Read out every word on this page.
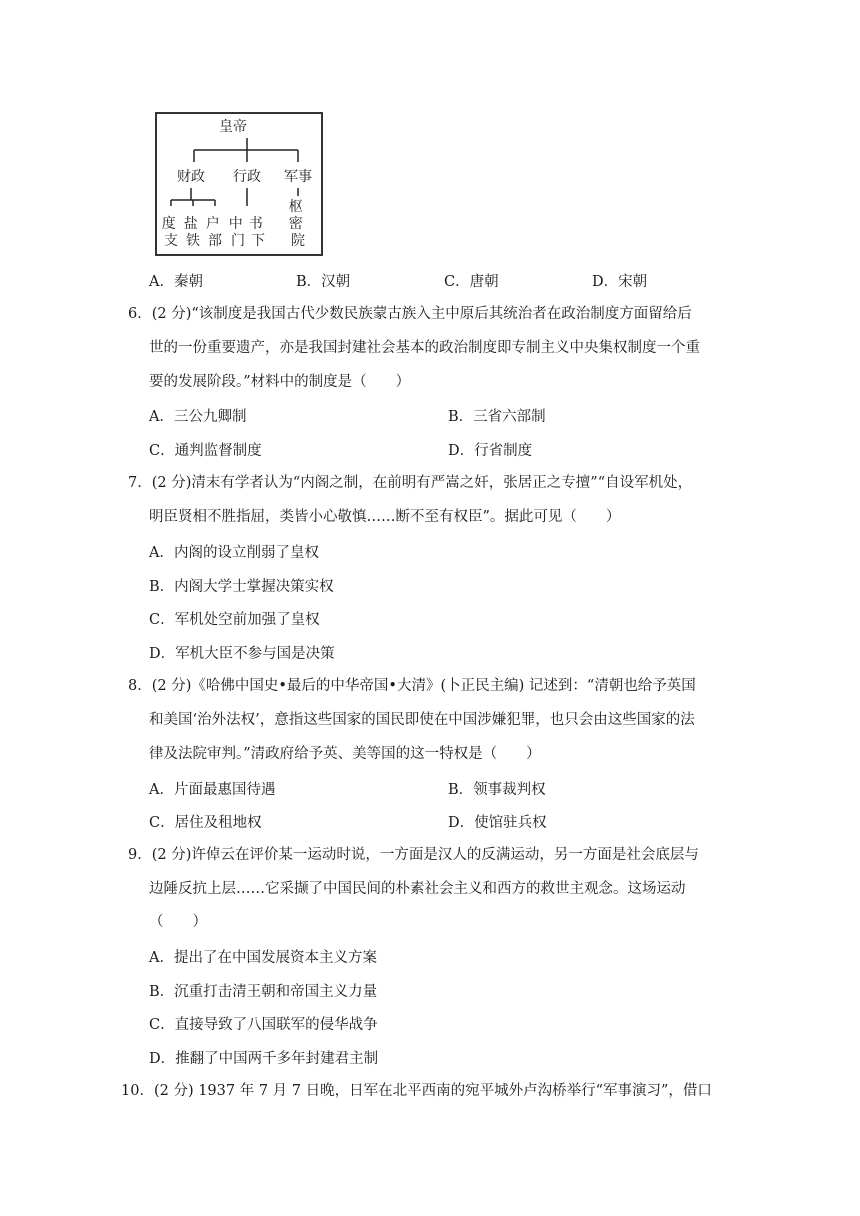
皇帝
财政 行政 军事
度 支
盐 铁
户 部
中 门
书 下
枢 密 院
A．秦朝	B．汉朝	C．唐朝	D．宋朝
6．(2 分)“该制度是我国古代少数民族蒙古族入主中原后其统治者在政治制度方面留给后
世的一份重要遗产，亦是我国封建社会基本的政治制度即专制主义中央集权制度一个重
要的发展阶段。”材料中的制度是（　　）
A．三公九卿制	B．三省六部制
C．通判监督制度	D．行省制度
7．(2 分)清末有学者认为“内阁之制，在前明有严嵩之奸，张居正之专擅”“自设军机处，
明臣贤相不胜指屈，类皆小心敬慎……断不至有权臣”。据此可见（　　）
A．内阁的设立削弱了皇权
B．内阁大学士掌握决策实权
C．军机处空前加强了皇权
D．军机大臣不参与国是决策
8．(2 分)《哈佛中国史•最后的中华帝国•大清》(卜正民主编) 记述到：“清朝也给予英国
和美国‘治外法权’，意指这些国家的国民即使在中国涉嫌犯罪，也只会由这些国家的法
律及法院审判。”清政府给予英、美等国的这一特权是（　　）
A．片面最惠国待遇	B．领事裁判权
C．居住及租地权	D．使馆驻兵权
9．(2 分)许倬云在评价某一运动时说，一方面是汉人的反满运动，另一方面是社会底层与
边陲反抗上层……它采撷了中国民间的朴素社会主义和西方的救世主观念。这场运动
（　　）
A．提出了在中国发展资本主义方案
B．沉重打击清王朝和帝国主义力量
C．直接导致了八国联军的侵华战争
D．推翻了中国两千多年封建君主制
10．(2 分) 1937 年 7 月 7 日晚，日军在北平西南的宛平城外卢沟桥举行“军事演习”，借口
